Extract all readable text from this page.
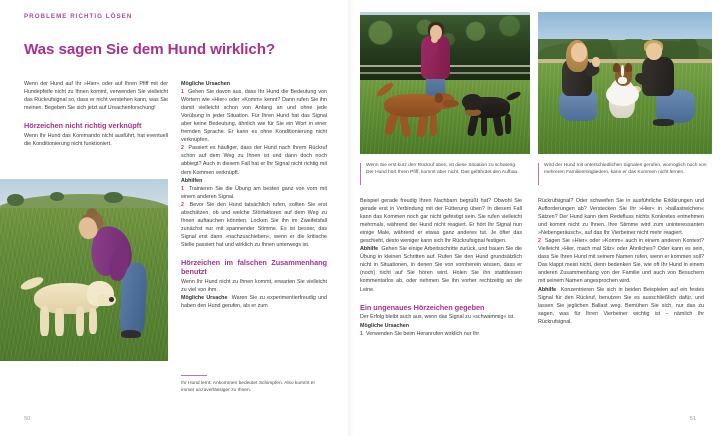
PROBLEME RICHTIG LÖSEN
Was sagen Sie dem Hund wirklich?

Wenn der Hund auf Ihr »Hier« oder auf Ihren Pfiff mit der Hundepfeife nicht zu Ihnen kommt, verwenden Sie vielleicht das Rückrufsignal so, dass er nicht verstehen kann, was Sie meinen. Begeben Sie sich jetzt auf Ursachenforschung!

Hörzeichen nicht richtig verknüpft

Wenn Ihr Hund das Kommando nicht ausführt, hat eventuell die Konditionierung nicht funktioniert.

Mögliche Ursachen

1 Gehen Sie davon aus, dass Ihr Hund die Bedeutung von Wörtern wie »Hier« oder »Komm« kennt? Dann rufen Sie ihn damit vielleicht schon von Anfang an und ohne jede Vorübung in jeder Situation. Für Ihren Hund hat das Signal aber keine Bedeutung, ähnlich wie für Sie ein Wort in einer fremden Sprache. Er kann es ohne Konditionierung nicht verknüpfen.

2 Passiert es häufiger, dass der Hund nach Ihrem Rückruf schon auf dem Weg zu Ihnen ist und dann doch noch abbiegt? Auch in diesem Fall hat er Ihr Signal nicht richtig mit dem Kommen verknüpft.

Abhilfen

1 Trainieren Sie die Übung am besten ganz von vorn mit einem anderen Signal.

2 Bevor Sie den Hund tatsächlich rufen, sollten Sie erst abschätzen, ob und welche Störfaktoren auf dem Weg zu Ihnen auftauchen könnten. Locken Sie ihn im Zweifelsfall zunächst nur mit spannender Stimme. Es ist besser, das Signal erst dann »nachzuschieben«, wenn er die kritische Stelle passiert hat und wirklich zu Ihnen unterwegs ist.

Hörzeichen im falschen Zusammenhang benutzt

Wenn Ihr Hund nicht zu Ihnen kommt, erwarten Sie vielleicht zu viel von ihm.

Mögliche Ursache Waren Sie zu experimentierfreudig und haben den Hund gerufen, als er zum

Ihr Hund lernt: Ankommen bedeutet Schimpfen. Also kommt er immer unzuverlässiger zu Ihnen.
50
Wenn Sie erst kurz den Rückruf üben, ist diese Situation zu schwierig. Der Hund hört Ihren Pfiff, kommt aber nicht. Das gefährdet den Aufbau.
Wird der Hund mit unterschiedlichen Signalen gerufen, womöglich noch von mehreren Familienmitgliedern, kann er das Kommen nicht lernen.

Beispiel gerade freudig Ihren Nachbarn begrüßt hat? Obwohl Sie gerade erst in Verbindung mit der Fütterung üben? In diesem Fall kann das Kommen noch gar nicht gefestigt sein. Sie rufen vielleicht mehrmals, während der Hund nicht reagiert. Er hört Ihr Signal nun einige Male, während er etwas ganz anderes tut. Je öfter das geschieht, desto weniger kann sich Ihr Rückrufsignal festigen.

Abhilfe Gehen Sie einige Arbeitsschritte zurück, und bauen Sie die Übung in kleinen Schritten auf. Rufen Sie den Hund grundsätzlich nicht in Situationen, in denen Sie von vornherein wissen, dass er (noch) nicht auf Sie hören wird. Holen Sie ihn stattdessen kommentarlos ab, oder nehmen Sie ihn vorher rechtzeitig an die Leine.

Ein ungenaues Hörzeichen gegeben

Der Erfolg bleibt auch aus, wenn das Signal zu »schwammig« ist.

Mögliche Ursachen

1 Verwenden Sie beim Heranrufen wirklich nur Ihr

Rückrufsignal? Oder schweifen Sie in ausführliche Erklärungen und Aufforderungen ab? Verstecken Sie Ihr »Hier« in »ballastreichen« Sätzen? Der Hund kann dem Redefluss nichts Konkretes entnehmen und kommt nicht zu Ihnen. Ihre Stimme wird zum uninteressanten »Nebengeräusch«, auf das Ihr Vierbeiner nicht mehr reagiert.

2 Sagen Sie »Hier« oder »Komm« auch in einem anderen Kontext? Vielleicht »Hier, mach mal Sitz« oder Ähnliches? Oder kann es sein, dass Sie Ihren Hund mit seinem Namen rufen, wenn er kommen soll? Das klappt meist nicht, denn bedenken Sie, wie oft Ihr Hund in einem anderen Zusammenhang von der Familie und auch von Besuchern mit seinem Namen angesprochen wird.

Abhilfe Konzentrieren Sie sich in beiden Beispielen auf ein festes Signal für den Rückruf, benutzen Sie es ausschließlich dafür, und lassen Sie jeglichen Ballast weg. Bemühen Sie sich, nur das zu sagen, was für Ihren Vierbeiner wichtig ist – nämlich Ihr Rückrufsignal.

51
